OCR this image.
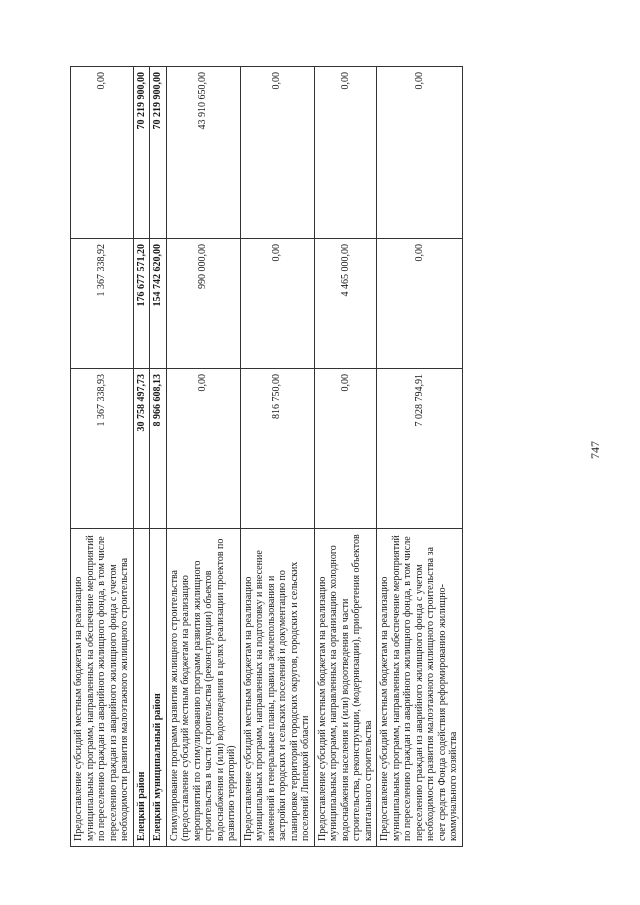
747
Предоставление субсидий местным бюджетам на реализацию муниципальных программ, направленных на обеспечение мероприятий по переселению граждан из аварийного жилищного фонда, в том числе переселению граждан из аварийного жилищного фонда с учетом необходимости развития малоэтажного жилищного строительства	1 367 338,93	1 367 338,92	0,00
Елецкий район	30 758 497,73	176 677 571,20	70 219 900,00
Елецкий муниципальный район	8 966 608,13	154 742 620,00	70 219 900,00
Стимулирование программ развития жилищного строительства (предоставление субсидий местным бюджетам на реализацию мероприятий по стимулированию программ развития жилищного строительства в части строительства (реконструкции) объектов водоснабжения и (или) водоотведения в целях реализации проектов по развитию территорий)	0,00	990 000,00	43 910 650,00
Предоставление субсидий местным бюджетам на реализацию муниципальных программ, направленных на подготовку и внесение изменений в генеральные планы, правила землепользования и застройки городских и сельских поселений и документацию по планировке территорий городских округов, городских и сельских поселений Липецкой области	816 750,00	0,00	0,00
Предоставление субсидий местным бюджетам на реализацию муниципальных программ, направленных на организацию холодного водоснабжения населения и (или) водоотведения в части строительства, реконструкции, (модернизации), приобретения объектов капитального строительства	0,00	4 465 000,00	0,00
Предоставление субсидий местным бюджетам на реализацию муниципальных программ, направленных на обеспечение мероприятий по переселению граждан из аварийного жилищного фонда, в том числе переселению граждан из аварийного жилищного фонда с учетом необходимости развития малоэтажного жилищного строительства за счет средств Фонда содействия реформированию жилищно-коммунального хозяйства	7 028 794,91	0,00	0,00
